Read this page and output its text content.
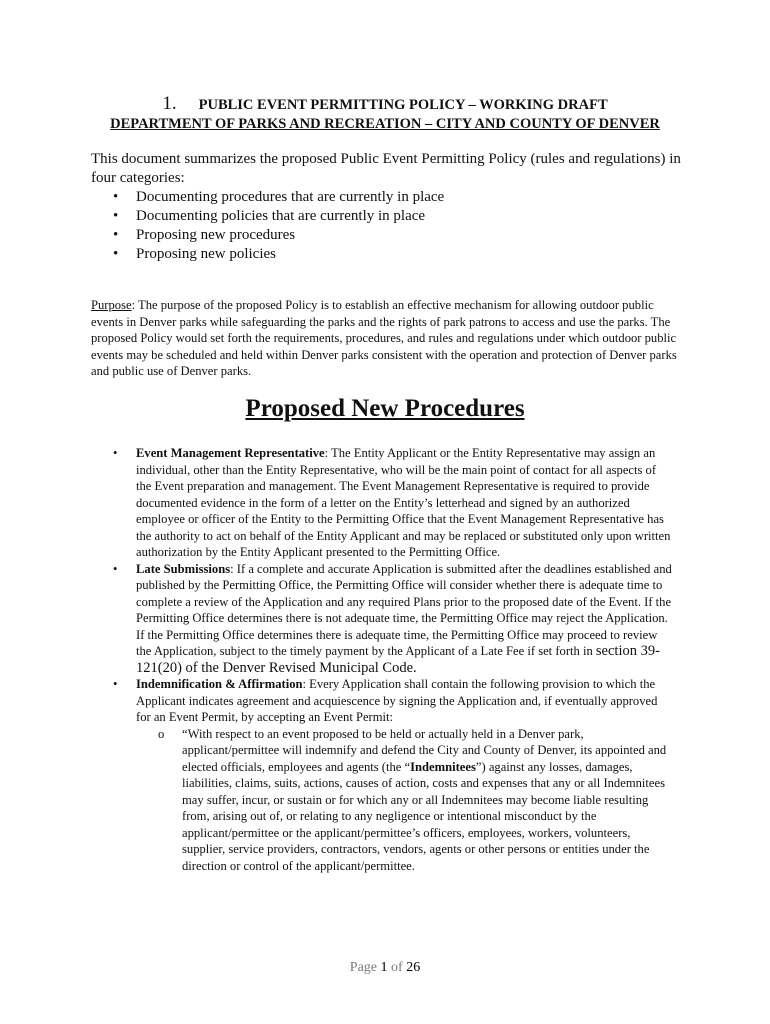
1. PUBLIC EVENT PERMITTING POLICY – WORKING DRAFT
DEPARTMENT OF PARKS AND RECREATION – CITY AND COUNTY OF DENVER
This document summarizes the proposed Public Event Permitting Policy (rules and regulations) in four categories:
• Documenting procedures that are currently in place
• Documenting policies that are currently in place
• Proposing new procedures
• Proposing new policies
Purpose: The purpose of the proposed Policy is to establish an effective mechanism for allowing outdoor public events in Denver parks while safeguarding the parks and the rights of park patrons to access and use the parks. The proposed Policy would set forth the requirements, procedures, and rules and regulations under which outdoor public events may be scheduled and held within Denver parks consistent with the operation and protection of Denver parks and public use of Denver parks.
Proposed New Procedures
• Event Management Representative: The Entity Applicant or the Entity Representative may assign an individual, other than the Entity Representative, who will be the main point of contact for all aspects of the Event preparation and management. The Event Management Representative is required to provide documented evidence in the form of a letter on the Entity’s letterhead and signed by an authorized employee or officer of the Entity to the Permitting Office that the Event Management Representative has the authority to act on behalf of the Entity Applicant and may be replaced or substituted only upon written authorization by the Entity Applicant presented to the Permitting Office.
• Late Submissions: If a complete and accurate Application is submitted after the deadlines established and published by the Permitting Office, the Permitting Office will consider whether there is adequate time to complete a review of the Application and any required Plans prior to the proposed date of the Event. If the Permitting Office determines there is not adequate time, the Permitting Office may reject the Application. If the Permitting Office determines there is adequate time, the Permitting Office may proceed to review the Application, subject to the timely payment by the Applicant of a Late Fee if set forth in section 39-121(20) of the Denver Revised Municipal Code.
• Indemnification & Affirmation: Every Application shall contain the following provision to which the Applicant indicates agreement and acquiescence by signing the Application and, if eventually approved for an Event Permit, by accepting an Event Permit:
o “With respect to an event proposed to be held or actually held in a Denver park, applicant/permittee will indemnify and defend the City and County of Denver, its appointed and elected officials, employees and agents (the “Indemnitees”) against any losses, damages, liabilities, claims, suits, actions, causes of action, costs and expenses that any or all Indemnitees may suffer, incur, or sustain or for which any or all Indemnitees may become liable resulting from, arising out of, or relating to any negligence or intentional misconduct by the applicant/permittee or the applicant/permittee’s officers, employees, workers, volunteers, supplier, service providers, contractors, vendors, agents or other persons or entities under the direction or control of the applicant/permittee.
Page 1 of 26
